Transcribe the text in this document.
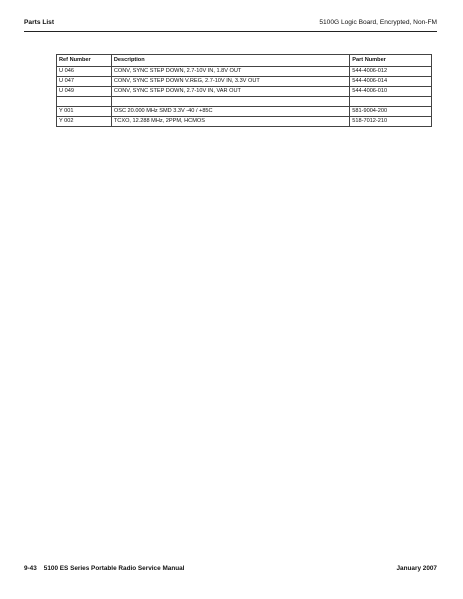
Parts List	5100G Logic Board, Encrypted, Non-FM
Ref Number	Description	Part Number
U 046	CONV, SYNC STEP DOWN, 2.7-10V IN, 1.8V OUT	544-4006-012
U 047	CONV, SYNC STEP DOWN V.REG, 2.7-10V IN, 3.3V OUT	544-4006-014
U 049	CONV, SYNC STEP DOWN, 2.7-10V IN, VAR OUT	544-4006-010

Y 001	OSC 20.000 MHz SMD 3.3V -40 / +85C	581-9004-200
Y 002	TCXO, 12.288 MHz, 2PPM, HCMOS	518-7012-210
9-43 5100 ES Series Portable Radio Service Manual	January 2007
